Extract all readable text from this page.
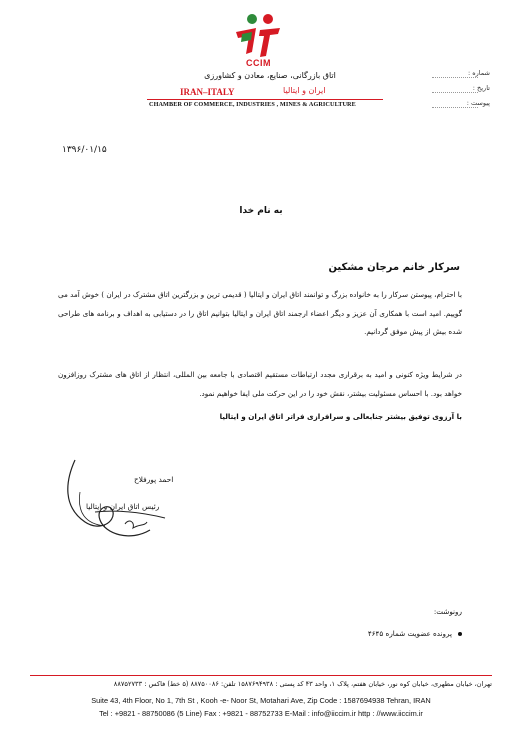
CCIM
اتاق بازرگانی، صنایع، معادن و کشاورزی
IRAN–ITALY	ایران و ایتالیا
CHAMBER OF COMMERCE, INDUSTRIES , MINES & AGRICULTURE
شماره :
تاریخ :
پیوست :
۱۳۹۶/۰۱/۱۵
به نام خدا
سرکار خانم مرجان مشکین
با احترام، پیوستن سرکار را به خانواده بزرگ و توانمند اتاق ایران و ایتالیا ( قدیمی ترین و بزرگترین اتاق مشترک در ایران ) خوش آمد می گوییم. امید است با همکاری آن عزیز و دیگر اعضاء ارجمند اتاق ایران و ایتالیا بتوانیم اتاق را در دستیابی به اهداف و برنامه های طراحی شده بیش از پیش موفق گردانیم.
در شرایط ویژه کنونی و امید به برقراری مجدد ارتباطات مستقیم اقتصادی با جامعه بین المللی، انتظار از اتاق های مشترک روزافزون خواهد بود. با احساس مسئولیت بیشتر، نقش خود را در این حرکت ملی ایفا خواهیم نمود.
با آرزوی توفیق بیشتر جنابعالی و سرافرازی فراتر اتاق ایران و ایتالیا
احمد پورفلاح
رئیس اتاق ایران و ایتالیا
رونوشت:
پرونده عضویت شماره ۴۶۴۵
تهران، خیابان مطهری، خیابان کوه نور، خیابان هفتم، پلاک ۱، واحد ۴۳ کد پستی : ۱۵۸۷۶۹۴۹۳۸ تلفن: ۸۸۷۵۰۰۸۶ (۵ خط) فاکس : ۸۸۷۵۲۷۳۳
Suite 43, 4th Floor, No 1, 7th St , Kooh -e- Noor St, Motahari Ave, Zip Code : 1587694938 Tehran, IRAN
Tel : +9821 - 88750086 (5 Line) Fax : +9821 - 88752733 E-Mail : info@iiccim.ir http : //www.iiccim.ir
